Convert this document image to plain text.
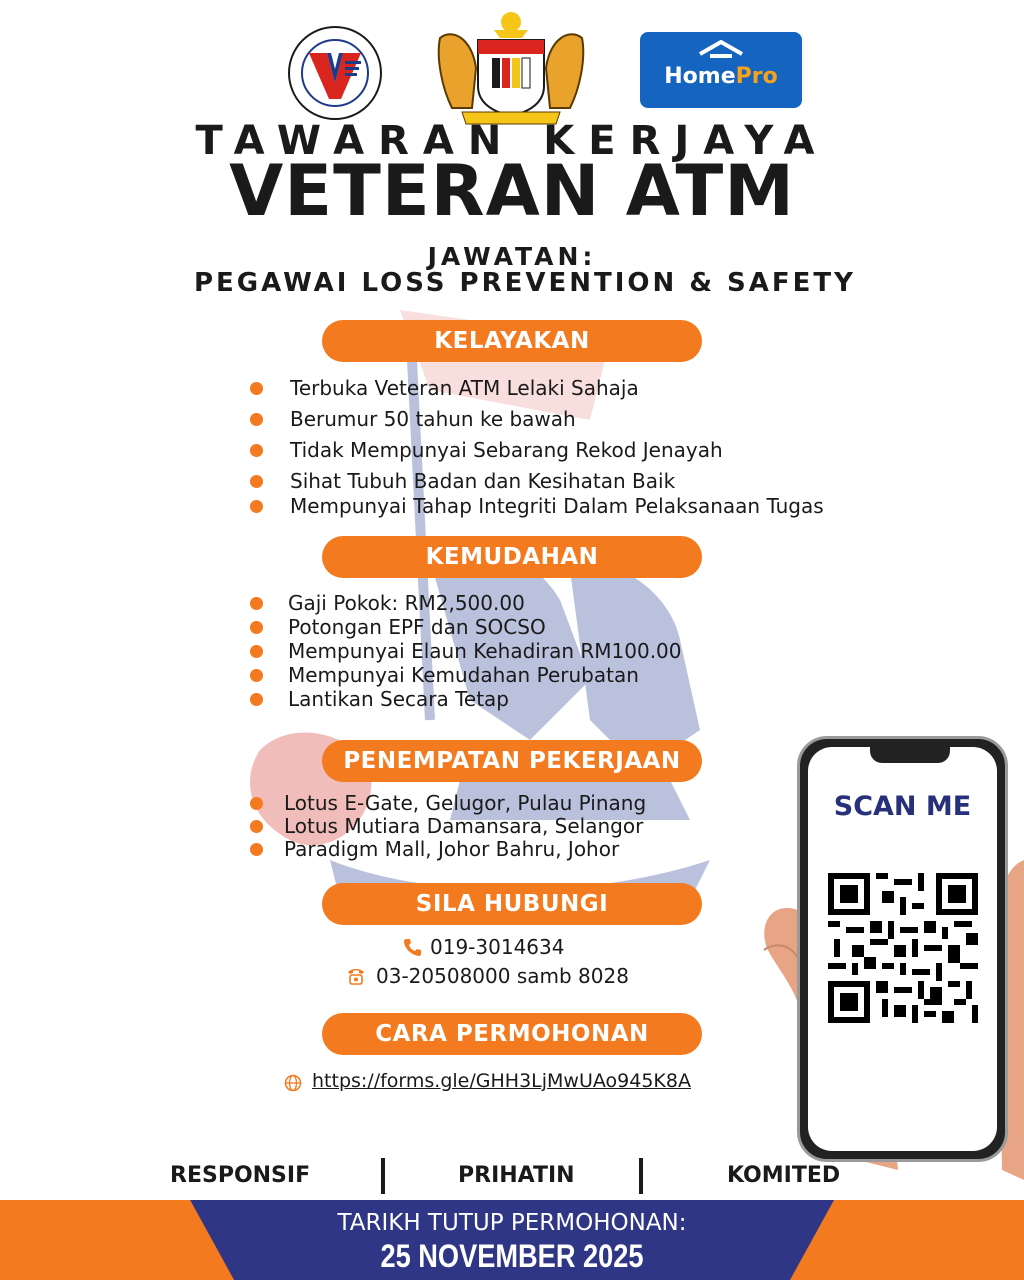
HomePro
TAWARAN KERJAYA
VETERAN ATM
JAWATAN:
PEGAWAI LOSS PREVENTION & SAFETY
KELAYAKAN
Terbuka Veteran ATM Lelaki Sahaja
Berumur 50 tahun ke bawah
Tidak Mempunyai Sebarang Rekod Jenayah
Sihat Tubuh Badan dan Kesihatan Baik
Mempunyai Tahap Integriti Dalam Pelaksanaan Tugas
KEMUDAHAN
Gaji Pokok: RM2,500.00
Potongan EPF dan SOCSO
Mempunyai Elaun Kehadiran RM100.00
Mempunyai Kemudahan Perubatan
Lantikan Secara Tetap
PENEMPATAN PEKERJAAN
Lotus E-Gate, Gelugor, Pulau Pinang
Lotus Mutiara Damansara, Selangor
Paradigm Mall, Johor Bahru, Johor
SILA HUBUNGI
019-3014634
03-20508000 samb 8028
CARA PERMOHONAN
https://forms.gle/GHH3LjMwUAo945K8A
RESPONSIF	PRIHATIN	KOMITED
SCAN ME
TARIKH TUTUP PERMOHONAN:
25 NOVEMBER 2025
